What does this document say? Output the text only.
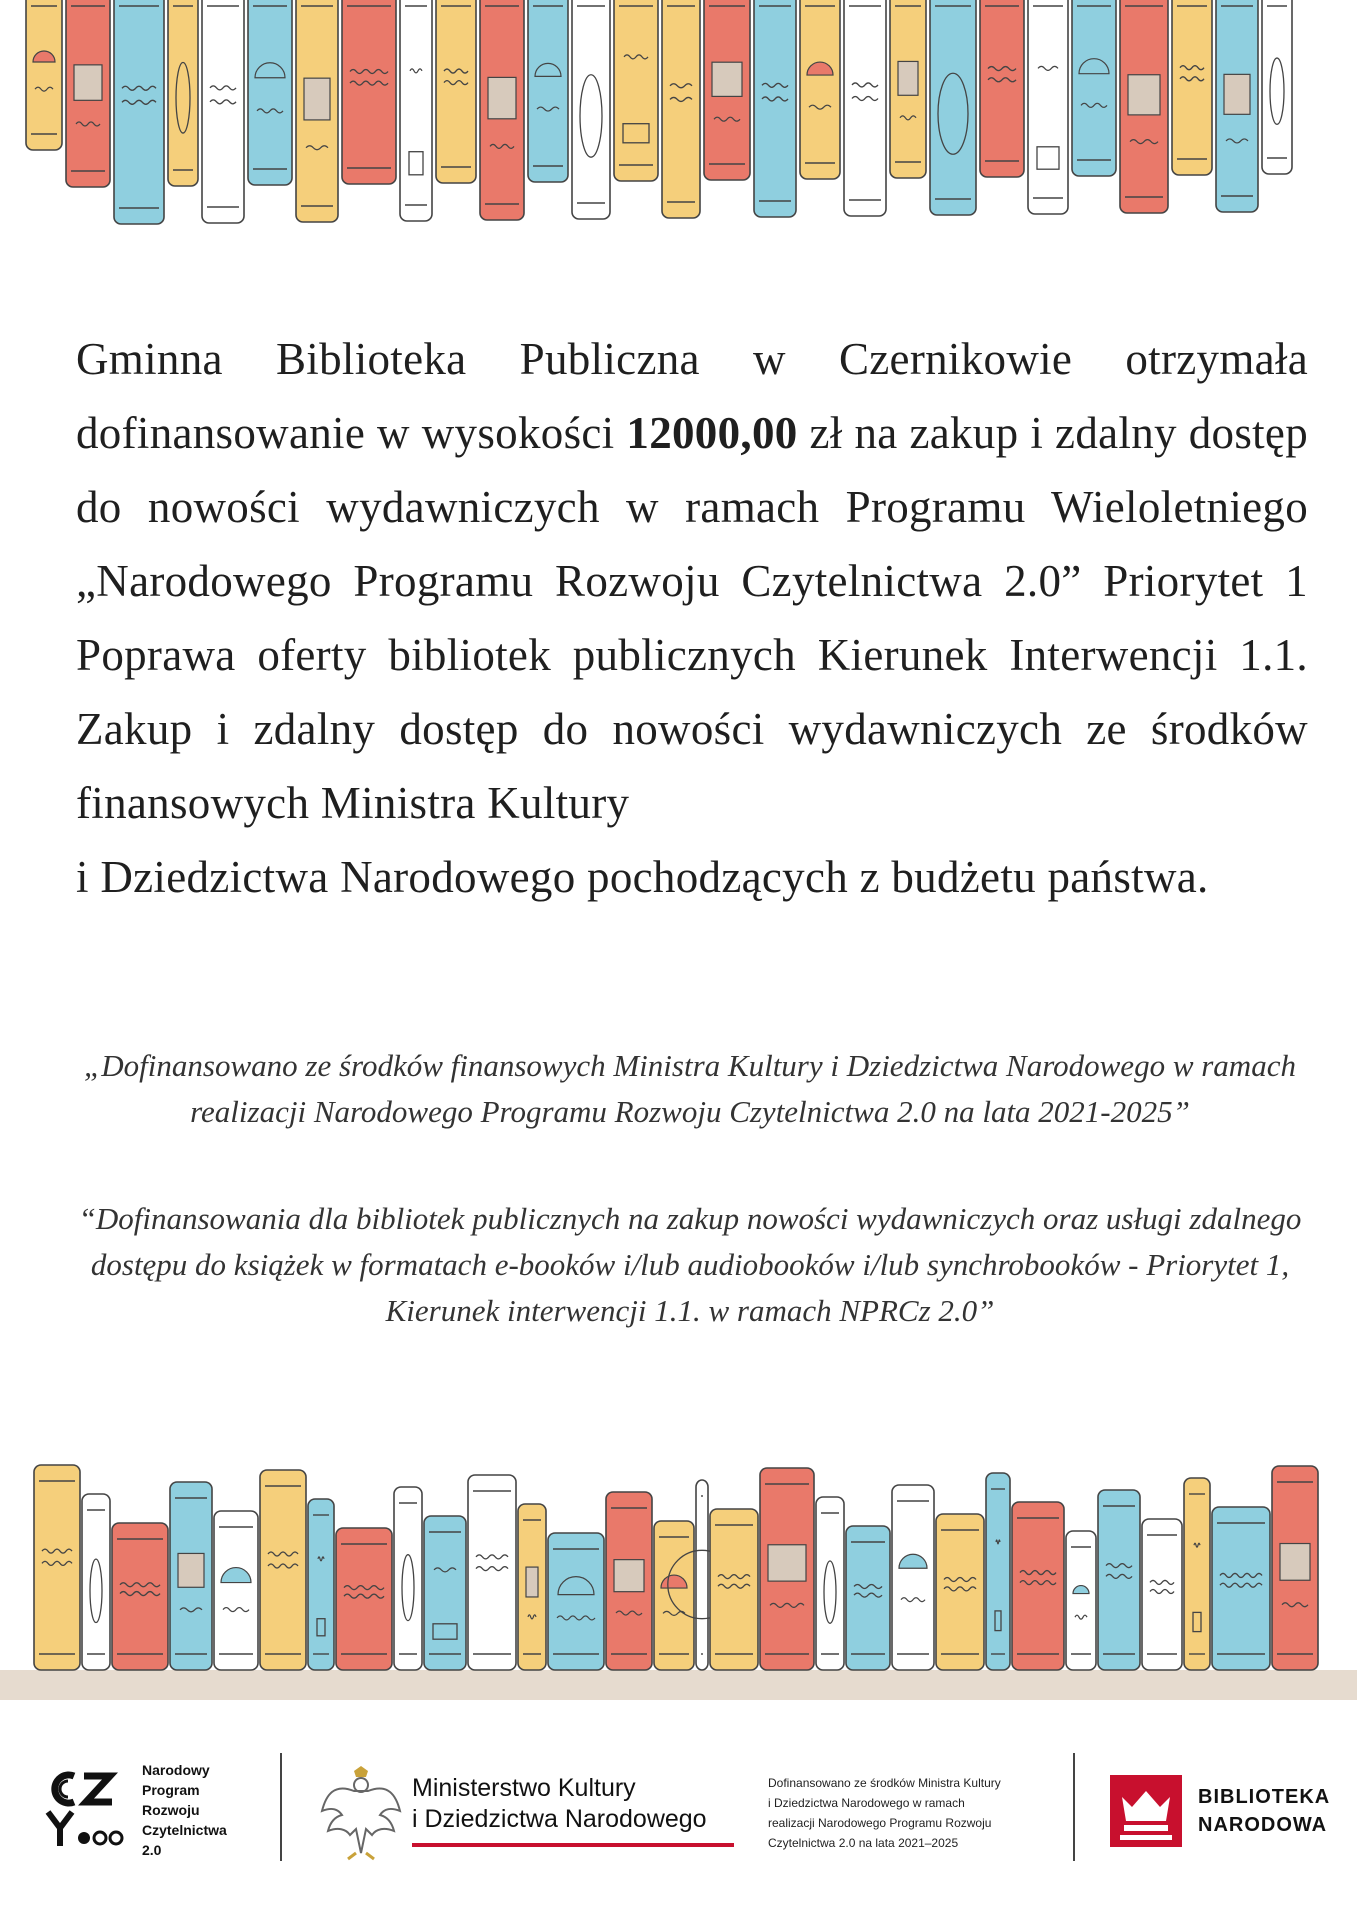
Gminna Biblioteka Publiczna w Czernikowie otrzymała dofinansowanie w wysokości 12000,00 zł na zakup i zdalny dostęp do nowości wydawniczych w ramach Programu Wieloletniego „Narodowego Programu Rozwoju Czytelnictwa 2.0” Priorytet 1 Poprawa oferty bibliotek publicznych Kierunek Interwencji 1.1. Zakup i zdalny dostęp do nowości wydawniczych ze środków finansowych Ministra Kultury
i Dziedzictwa Narodowego pochodzących z budżetu państwa.
„Dofinansowano ze środków finansowych Ministra Kultury i Dziedzictwa Narodowego w ramach realizacji Narodowego Programu Rozwoju Czytelnictwa 2.0 na lata 2021-2025”
“Dofinansowania dla bibliotek publicznych na zakup nowości wydawniczych oraz usługi zdalnego dostępu do książek w formatach e-booków i/lub audiobooków i/lub synchrobooków - Priorytet 1, Kierunek interwencji 1.1. w ramach NPRCz 2.0”
Narodowy
Program
Rozwoju
Czytelnictwa
2.0
Ministerstwo Kultury
i Dziedzictwa Narodowego
Dofinansowano ze środków Ministra Kultury
i Dziedzictwa Narodowego w ramach
realizacji Narodowego Programu Rozwoju
Czytelnictwa 2.0 na lata 2021–2025
BIBLIOTEKA
NARODOWA
